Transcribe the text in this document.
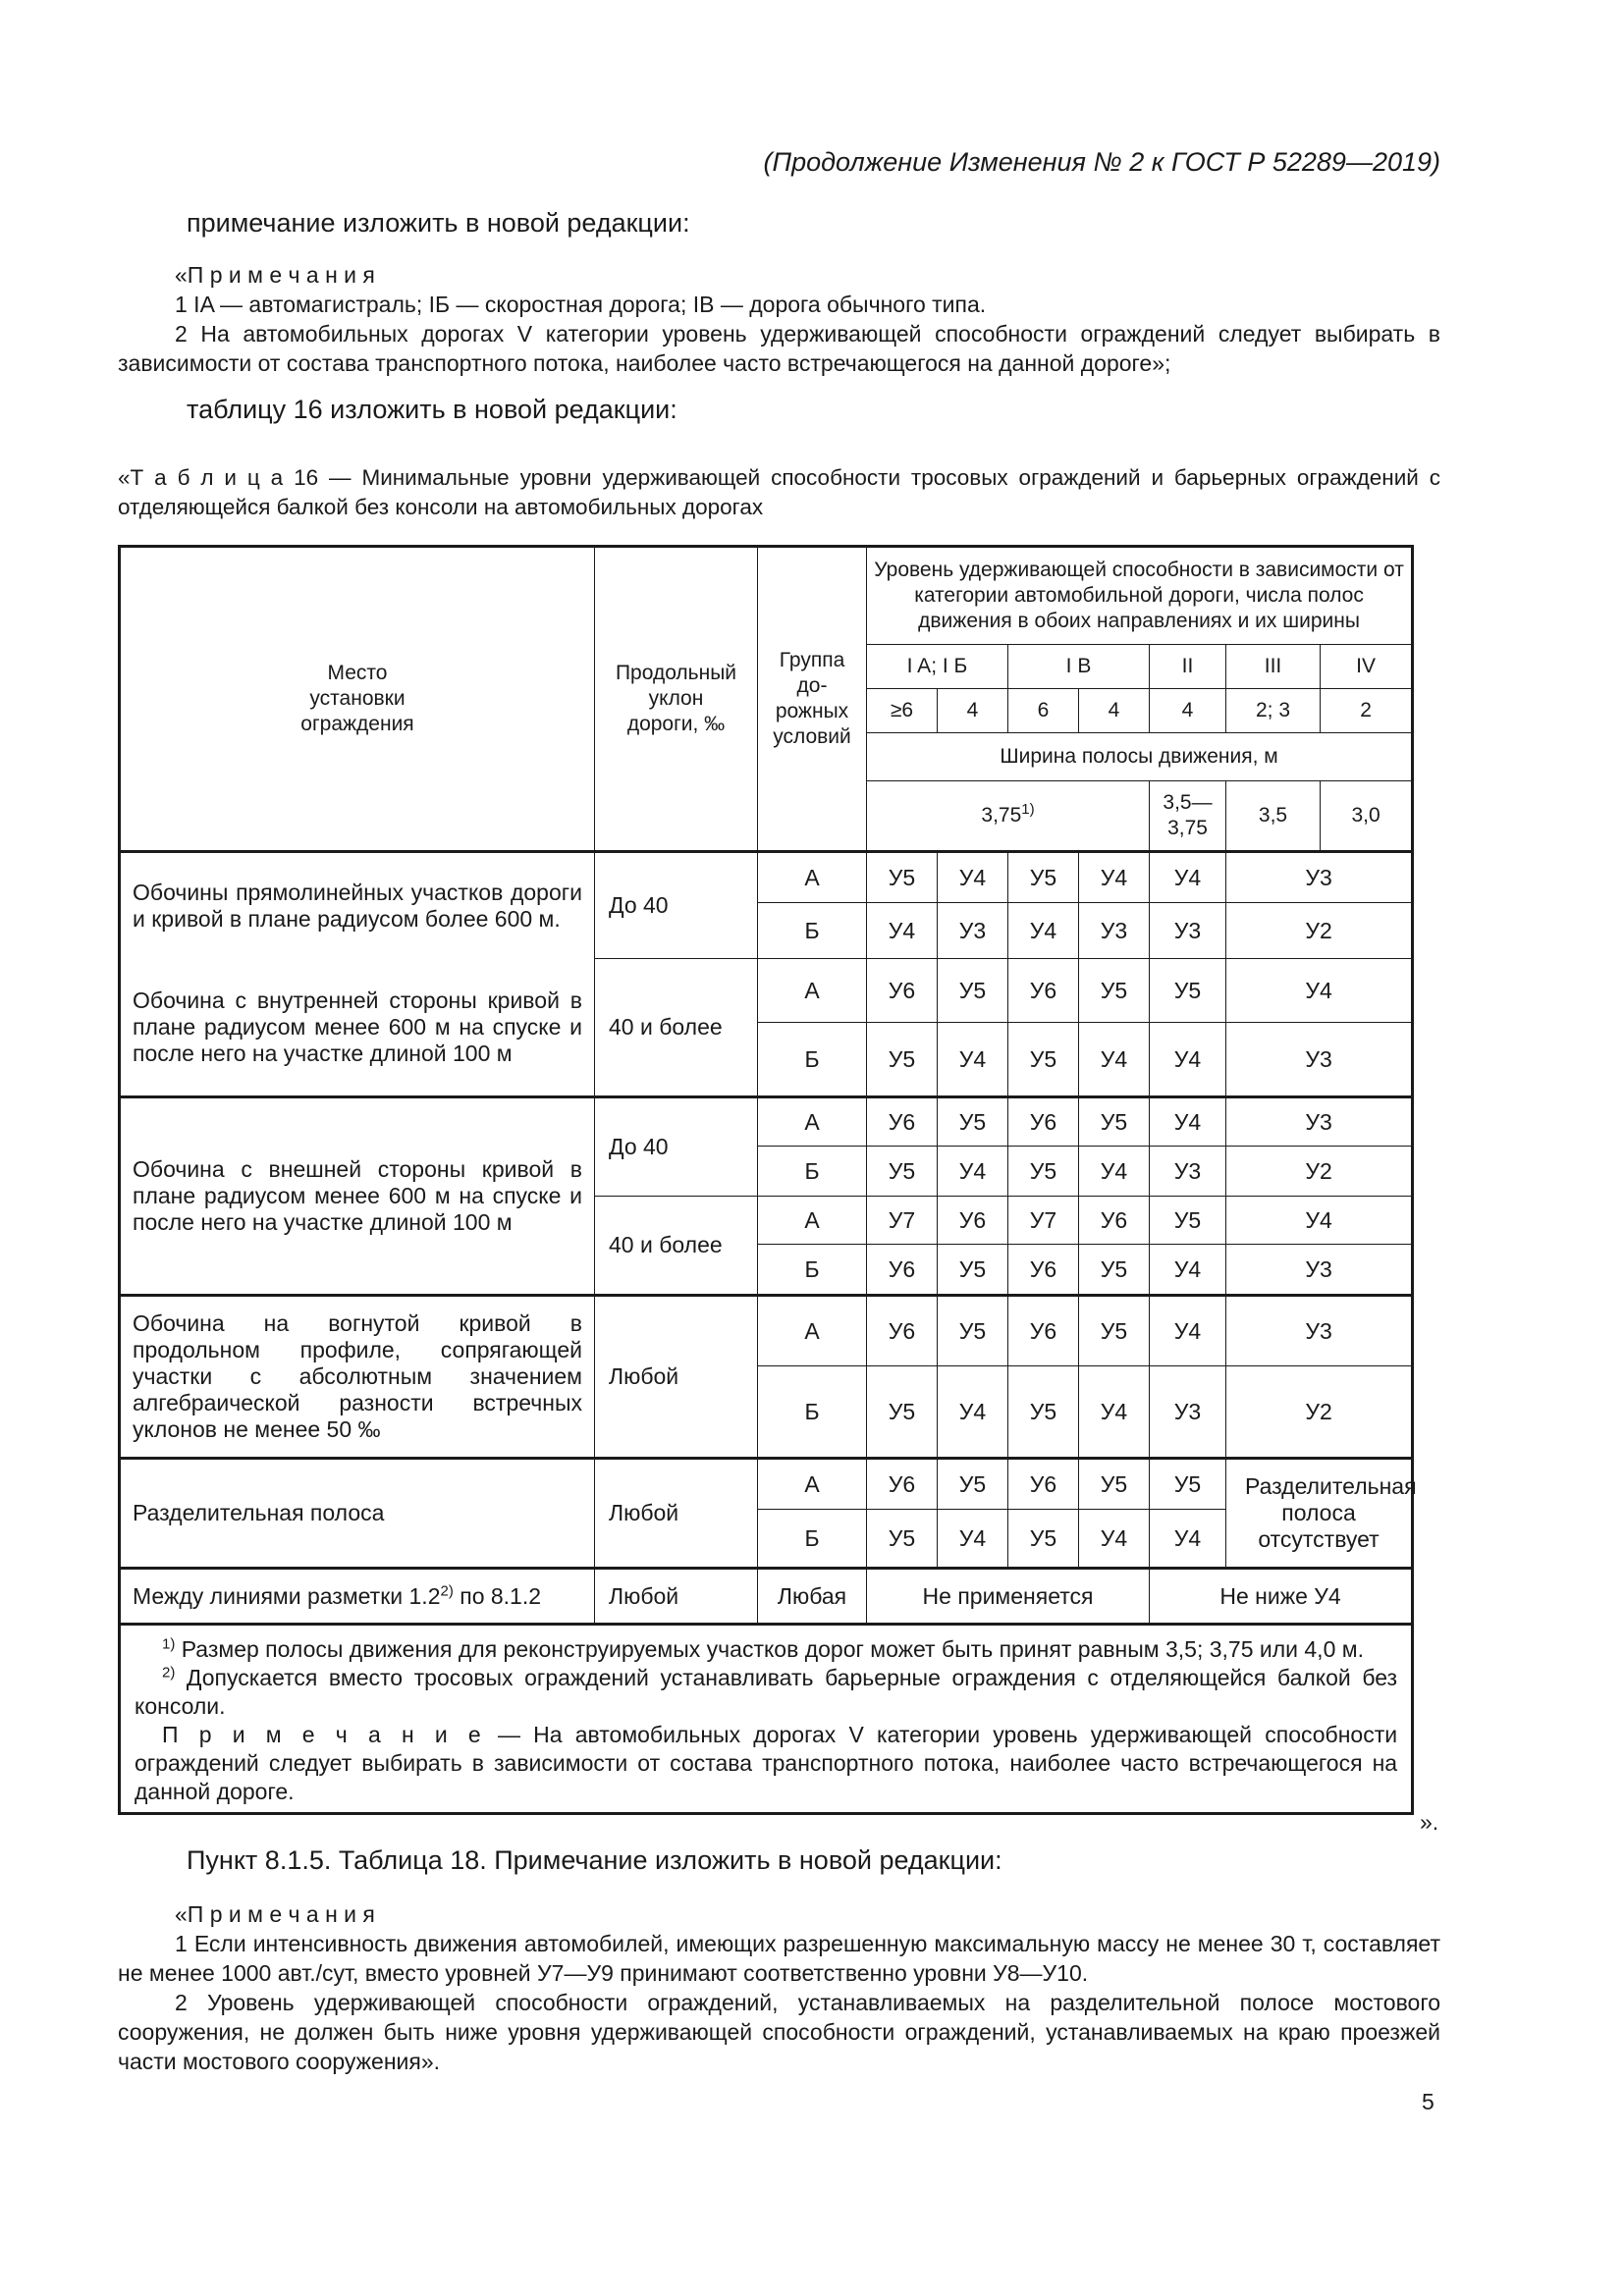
(Продолжение Изменения № 2 к ГОСТ Р 52289—2019)
примечание изложить в новой редакции:
«П р и м е ч а н и я
1 IA — автомагистраль; IБ — скоростная дорога; IB — дорога обычного типа.
2 На автомобильных дорогах V категории уровень удерживающей способности ограждений следует выбирать в зависимости от состава транспортного потока, наиболее часто встречающегося на данной дороге»;
таблицу 16 изложить в новой редакции:
«Т а б л и ц а 16 — Минимальные уровни удерживающей способности тросовых ограждений и барьерных ограждений с отделяющейся балкой без консоли на автомобильных дорогах
Место установки ограждения	Продольный уклон дороги, ‰	Группа до-рожных условий	Уровень удерживающей способности в зависимости от категории автомобильной дороги, числа полос движения в обоих направлениях и их ширины						
			I A; I Б		I B		II	III	IV
			≥6	4	6	4	4	2; 3	2
			Ширина полосы движения, м						
			3,75$^{1)}$				3,5—3,75	3,5	3,0
Обочины прямолинейных участков дороги и кривой в плане радиусом более 600 м.	До 40	А	У5	У4	У5	У4	У4	У3	
		Б	У4	У3	У4	У3	У3	У2	
Обочина с внутренней стороны кривой в плане радиусом менее 600 м на спуске и после него на участке длиной 100 м	40 и более	А	У6	У5	У6	У5	У5	У4	
		Б	У5	У4	У5	У4	У4	У3	
Обочина с внешней стороны кривой в плане радиусом менее 600 м на спуске и после него на участке длиной 100 м	До 40	А	У6	У5	У6	У5	У4	У3	
		Б	У5	У4	У5	У4	У3	У2	
	40 и более	А	У7	У6	У7	У6	У5	У4	
		Б	У6	У5	У6	У5	У4	У3	
Обочина на вогнутой кривой в продольном профиле, сопрягающей участки с абсолютным значением алгебраической разности встречных уклонов не менее 50 ‰	Любой	А	У6	У5	У6	У5	У4	У3	
		Б	У5	У4	У5	У4	У3	У2	
Разделительная полоса	Любой	А	У6	У5	У6	У5	У5	Разделительная полоса отсутствует	

		Б	У5	У4	У5	У4	У4		
Между линиями разметки 1.2$^{2)}$ по 8.1.2	Любой	Любая	Не применяется				Не ниже У4		

$^{1)}$ Размер полосы движения для реконструируемых участков дорог может быть принят равным 3,5; 3,75 или 4,0 м.
$^{2)}$ Допускается вместо тросовых ограждений устанавливать барьерные ограждения с отделяющейся балкой без консоли.
П р и м е ч а н и е — На автомобильных дорогах V категории уровень удерживающей способности ограждений следует выбирать в зависимости от состава транспортного потока, наиболее часто встречающегося на данной дороге.									
».
Пункт 8.1.5. Таблица 18. Примечание изложить в новой редакции:
«П р и м е ч а н и я
1 Если интенсивность движения автомобилей, имеющих разрешенную максимальную массу не менее 30 т, составляет не менее 1000 авт./сут, вместо уровней У7—У9 принимают соответственно уровни У8—У10.
2 Уровень удерживающей способности ограждений, устанавливаемых на разделительной полосе мостового сооружения, не должен быть ниже уровня удерживающей способности ограждений, устанавливаемых на краю проезжей части мостового сооружения».
5
